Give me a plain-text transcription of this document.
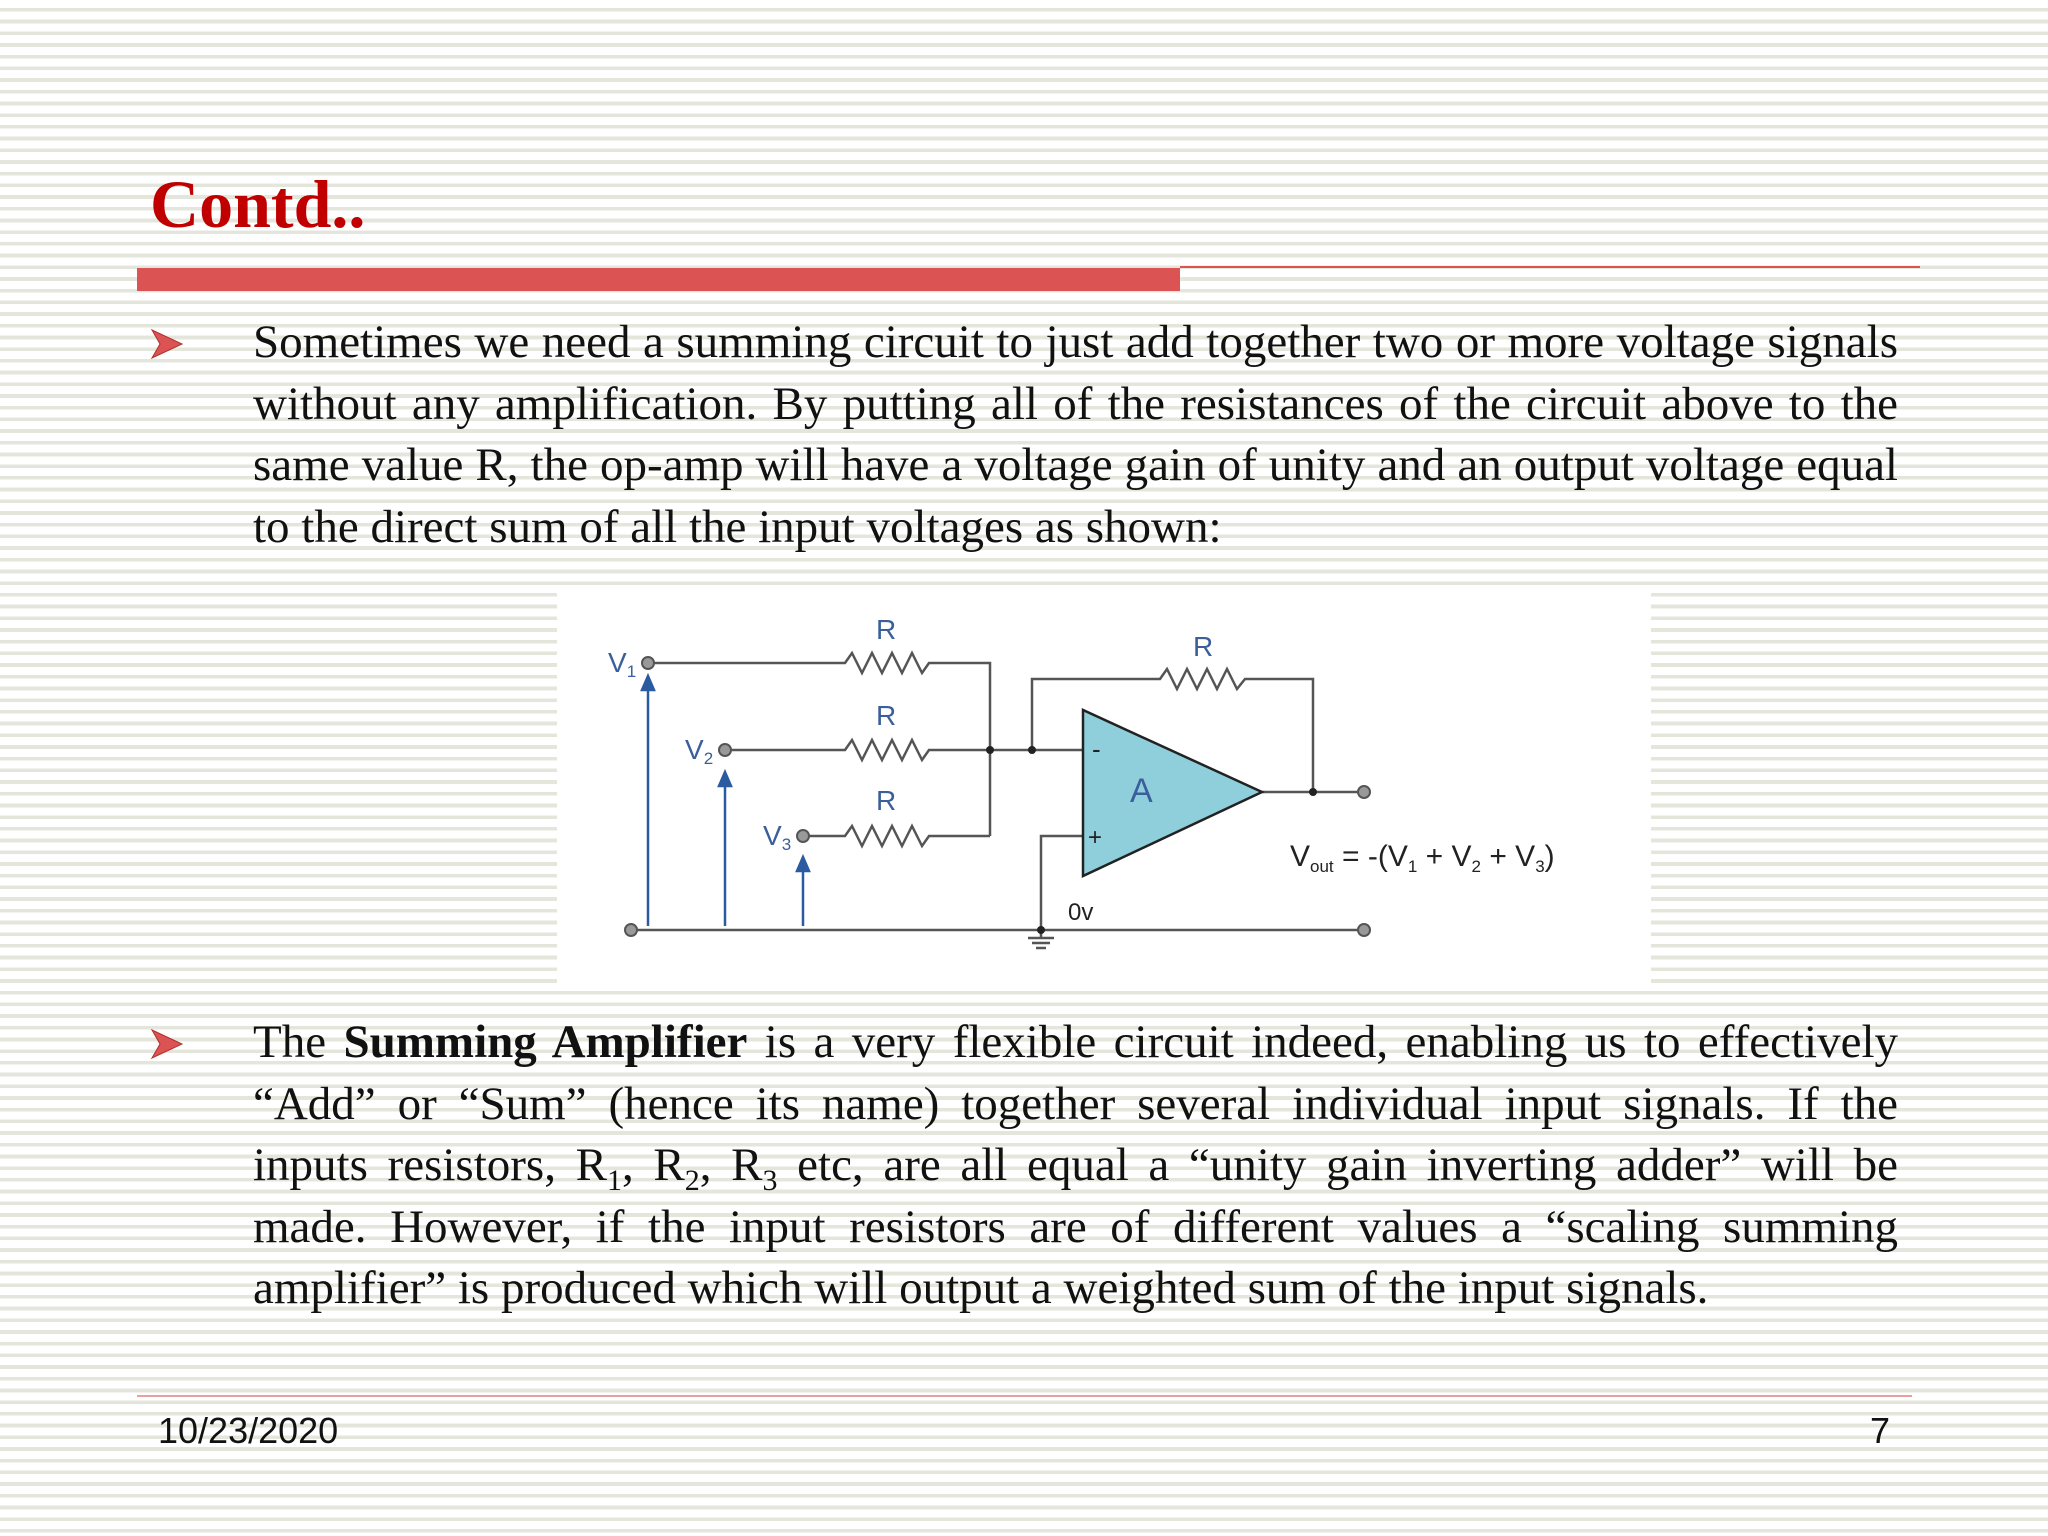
Contd..

Sometimes we need a summing circuit to just add together two or more voltage signals without any amplification. By putting all of the resistances of the circuit above to the same value R, the op-amp will have a voltage gain of unity and an output voltage equal to the direct sum of all the input voltages as shown:

R
R
R
R
V1
V2
V3
A
-
+
0v
$V_{out} = -(V_1 + V_2 + V_3)$

The Summing Amplifier is a very flexible circuit indeed, enabling us to effectively “Add” or “Sum” (hence its name) together several individual input signals. If the inputs resistors, $R_1$, $R_2$, $R_3$ etc, are all equal a “unity gain inverting adder” will be made. However, if the input resistors are of different values a “scaling summing amplifier” is produced which will output a weighted sum of the input signals.

10/23/2020	7
